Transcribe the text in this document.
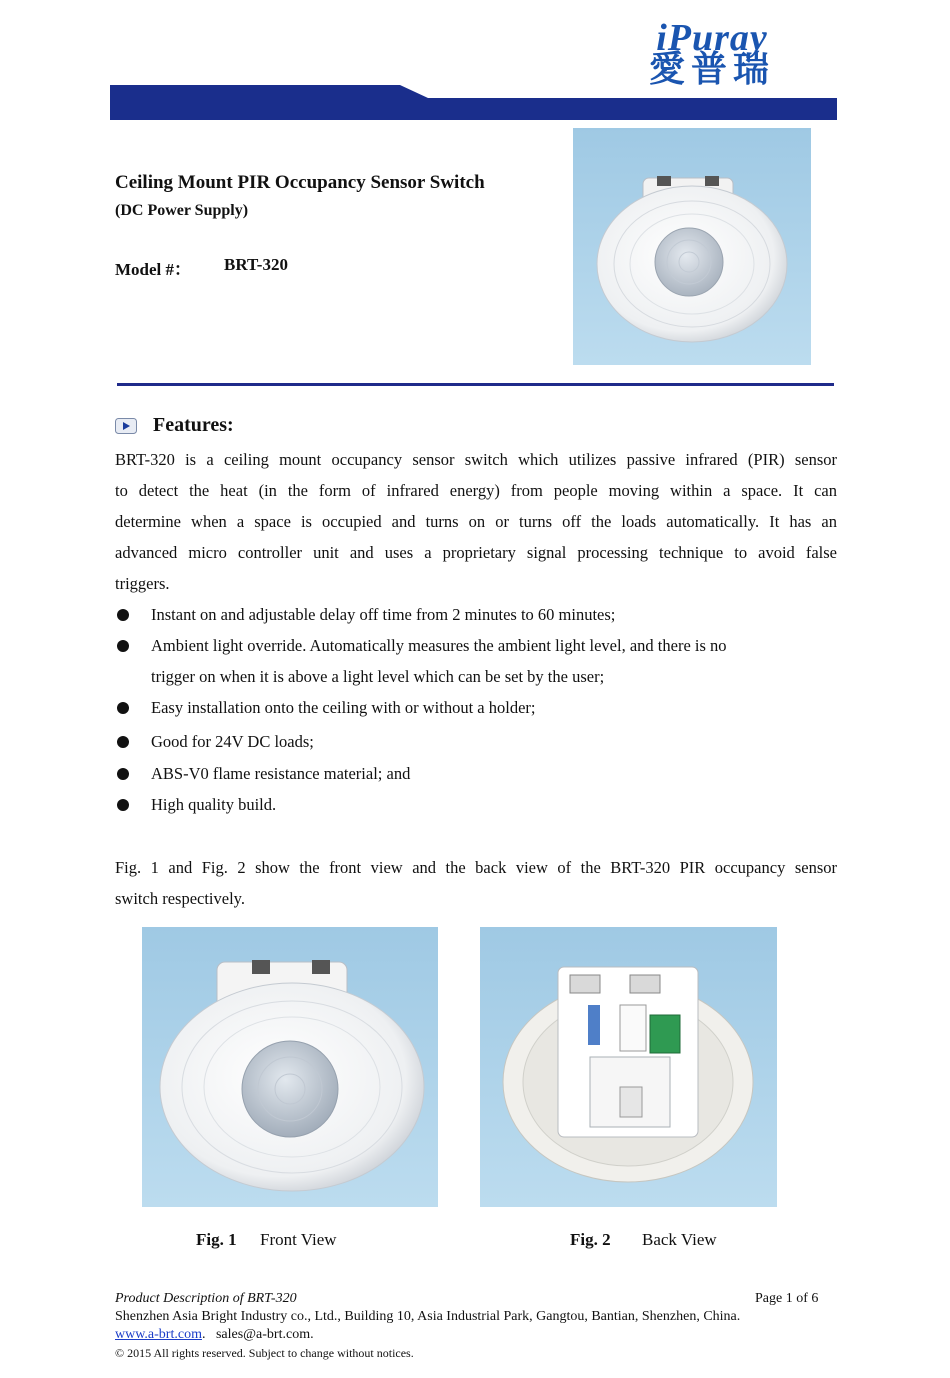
iPuray
愛普瑞
Ceiling Mount PIR Occupancy Sensor Switch
(DC Power Supply)
Model #： BRT-320
Features:
BRT-320 is a ceiling mount occupancy sensor switch which utilizes passive infrared (PIR) sensor
to detect the heat (in the form of infrared energy) from people moving within a space. It can
determine when a space is occupied and turns on or turns off the loads automatically. It has an
advanced micro controller unit and uses a proprietary signal processing technique to avoid false
triggers.
Instant on and adjustable delay off time from 2 minutes to 60 minutes;
Ambient light override. Automatically measures the ambient light level, and there is no
trigger on when it is above a light level which can be set by the user;
Easy installation onto the ceiling with or without a holder;
Good for 24V DC loads;
ABS-V0 flame resistance material; and
High quality build.
Fig. 1 and Fig. 2 show the front view and the back view of the BRT-320 PIR occupancy sensor
switch respectively.
Fig. 1 Front View	Fig. 2 Back View
Product Description of BRT-320	Page 1 of 6
Shenzhen Asia Bright Industry co., Ltd., Building 10, Asia Industrial Park, Gangtou, Bantian, Shenzhen, China.
www.a-brt.com. sales@a-brt.com.
© 2015 All rights reserved. Subject to change without notices.
